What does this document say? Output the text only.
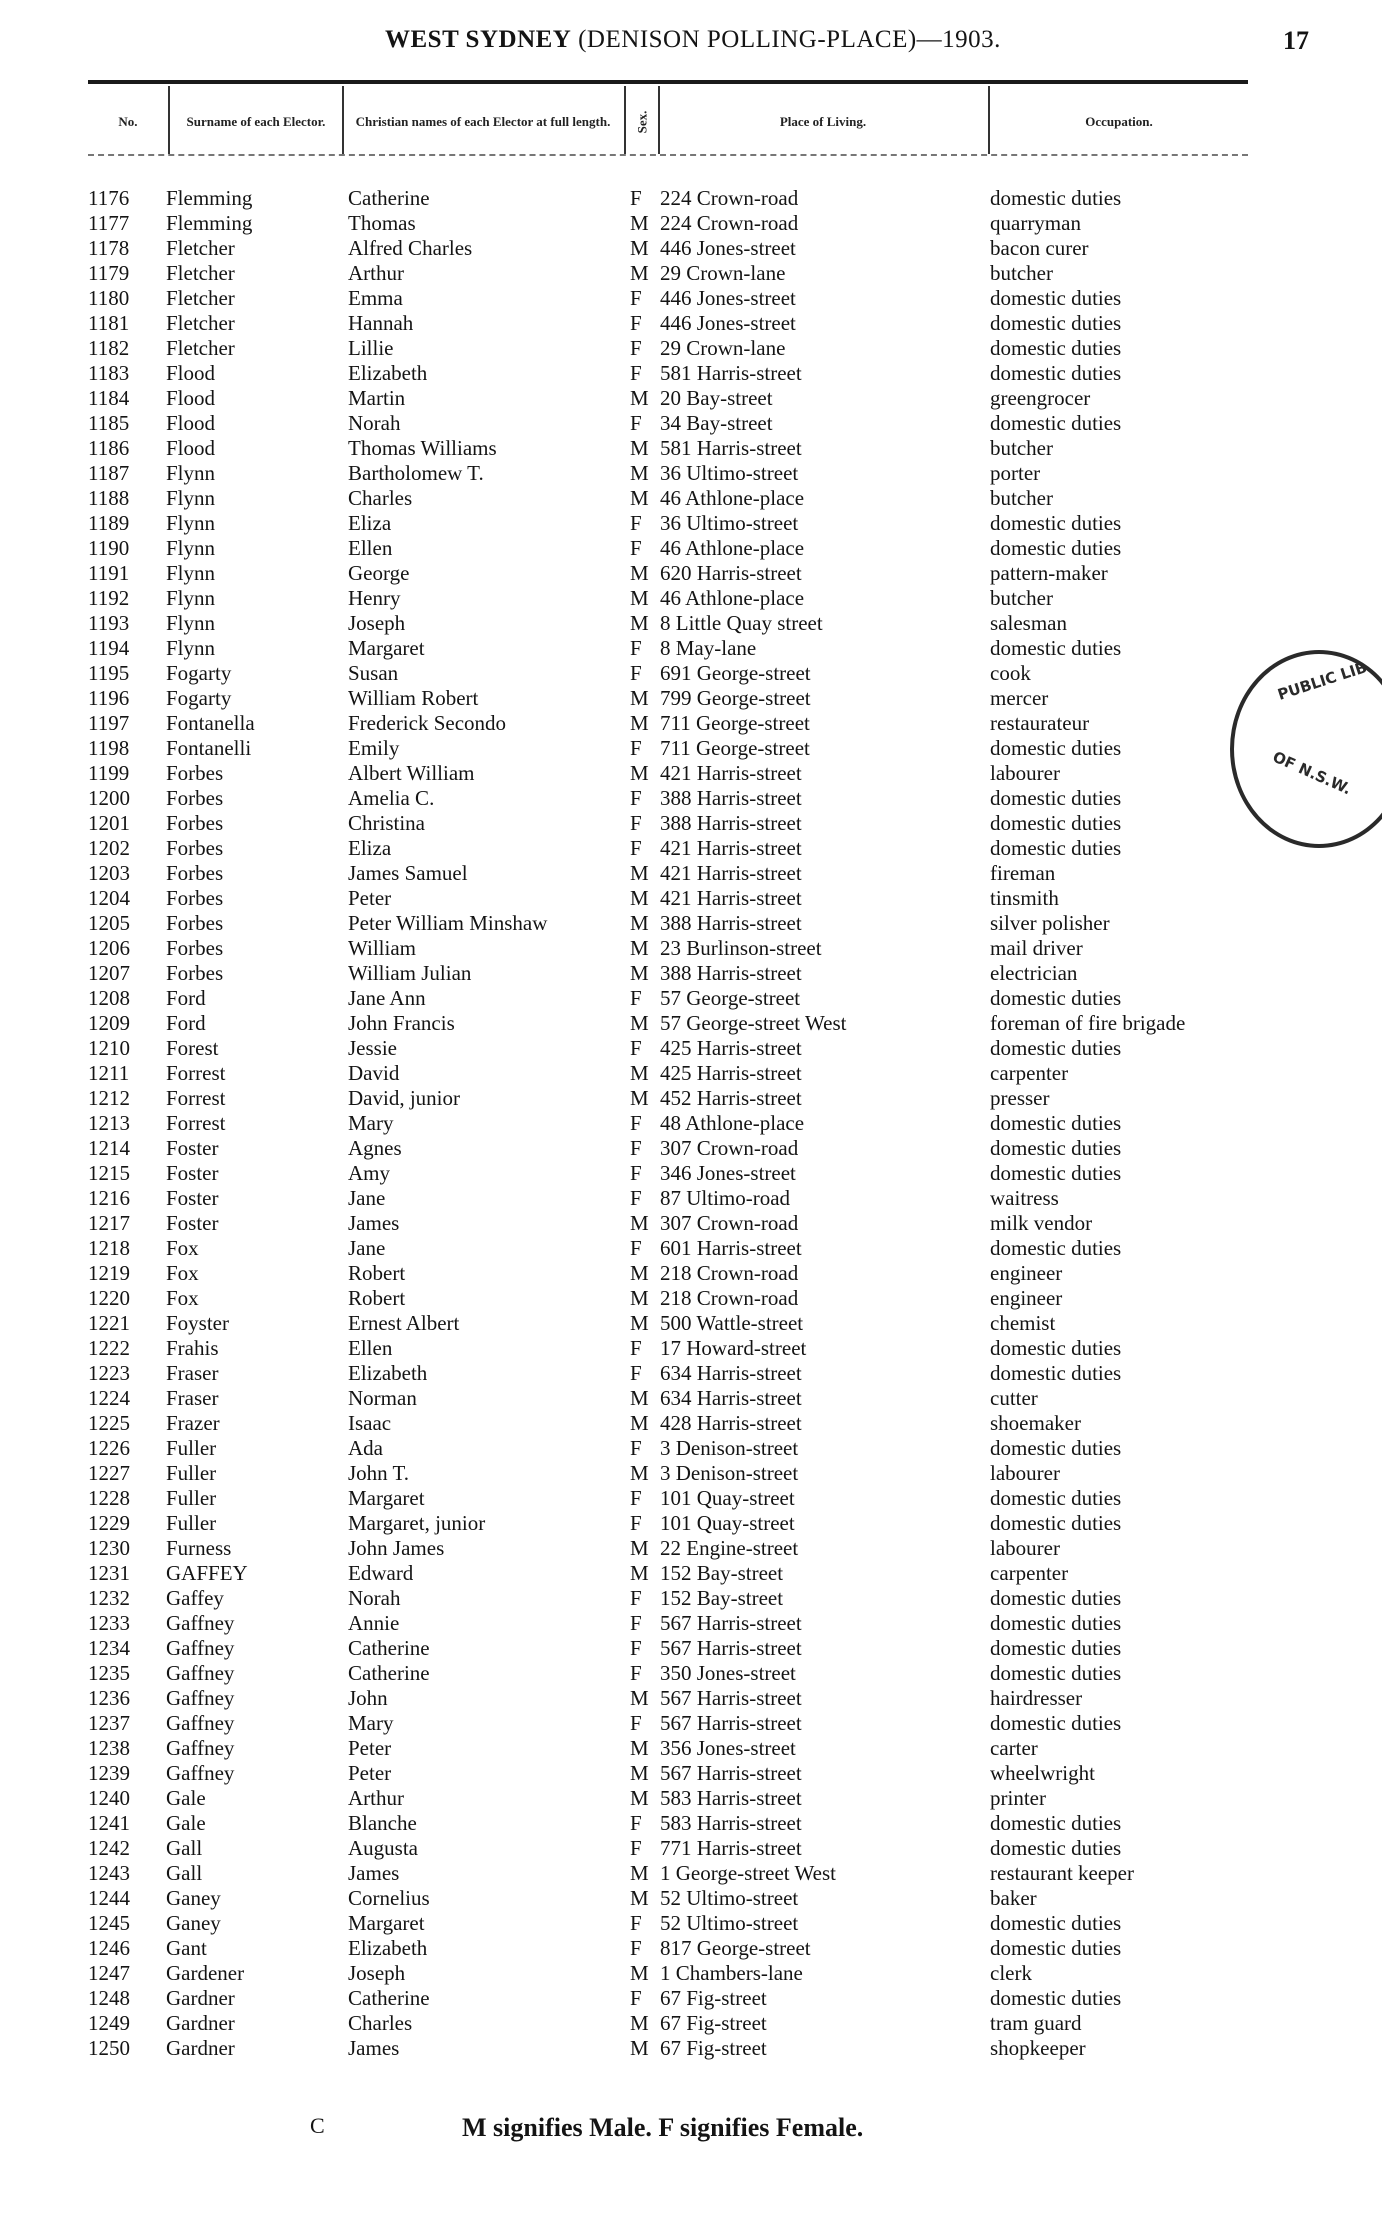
WEST SYDNEY (DENISON POLLING-PLACE)—1903.	17
No.	Surname of each Elector.	Christian names of each Elector at full length.	Sex.	Place of Living.	Occupation.
1176 Flemming	Catherine	F 224 Crown-road	domestic duties
1177 Flemming	Thomas	M 224 Crown-road	quarryman
1178 Fletcher	Alfred Charles	M 446 Jones-street	bacon curer
1179 Fletcher	Arthur	M 29 Crown-lane	butcher
1180 Fletcher	Emma	F 446 Jones-street	domestic duties
1181 Fletcher	Hannah	F 446 Jones-street	domestic duties
1182 Fletcher	Lillie	F 29 Crown-lane	domestic duties
1183 Flood	Elizabeth	F 581 Harris-street	domestic duties
1184 Flood	Martin	M 20 Bay-street	greengrocer
1185 Flood	Norah	F 34 Bay-street	domestic duties
1186 Flood	Thomas Williams	M 581 Harris-street	butcher
1187 Flynn	Bartholomew T.	M 36 Ultimo-street	porter
1188 Flynn	Charles	M 46 Athlone-place	butcher
1189 Flynn	Eliza	F 36 Ultimo-street	domestic duties
1190 Flynn	Ellen	F 46 Athlone-place	domestic duties
1191 Flynn	George	M 620 Harris-street	pattern-maker
1192 Flynn	Henry	M 46 Athlone-place	butcher
1193 Flynn	Joseph	M 8 Little Quay street	salesman
1194 Flynn	Margaret	F 8 May-lane	domestic duties
1195 Fogarty	Susan	F 691 George-street	cook
1196 Fogarty	William Robert	M 799 George-street	mercer
1197 Fontanella	Frederick Secondo	M 711 George-street	restaurateur
1198 Fontanelli	Emily	F 711 George-street	domestic duties
1199 Forbes	Albert William	M 421 Harris-street	labourer
1200 Forbes	Amelia C.	F 388 Harris-street	domestic duties
1201 Forbes	Christina	F 388 Harris-street	domestic duties
1202 Forbes	Eliza	F 421 Harris-street	domestic duties
1203 Forbes	James Samuel	M 421 Harris-street	fireman
1204 Forbes	Peter	M 421 Harris-street	tinsmith
1205 Forbes	Peter William Minshaw	M 388 Harris-street	silver polisher
1206 Forbes	William	M 23 Burlinson-street	mail driver
1207 Forbes	William Julian	M 388 Harris-street	electrician
1208 Ford	Jane Ann	F 57 George-street	domestic duties
1209 Ford	John Francis	M 57 George-street West	foreman of fire brigade
1210 Forest	Jessie	F 425 Harris-street	domestic duties
1211 Forrest	David	M 425 Harris-street	carpenter
1212 Forrest	David, junior	M 452 Harris-street	presser
1213 Forrest	Mary	F 48 Athlone-place	domestic duties
1214 Foster	Agnes	F 307 Crown-road	domestic duties
1215 Foster	Amy	F 346 Jones-street	domestic duties
1216 Foster	Jane	F 87 Ultimo-road	waitress
1217 Foster	James	M 307 Crown-road	milk vendor
1218 Fox	Jane	F 601 Harris-street	domestic duties
1219 Fox	Robert	M 218 Crown-road	engineer
1220 Fox	Robert	M 218 Crown-road	engineer
1221 Foyster	Ernest Albert	M 500 Wattle-street	chemist
1222 Frahis	Ellen	F 17 Howard-street	domestic duties
1223 Fraser	Elizabeth	F 634 Harris-street	domestic duties
1224 Fraser	Norman	M 634 Harris-street	cutter
1225 Frazer	Isaac	M 428 Harris-street	shoemaker
1226 Fuller	Ada	F 3 Denison-street	domestic duties
1227 Fuller	John T.	M 3 Denison-street	labourer
1228 Fuller	Margaret	F 101 Quay-street	domestic duties
1229 Fuller	Margaret, junior	F 101 Quay-street	domestic duties
1230 Furness	John James	M 22 Engine-street	labourer
1231 GAFFEY	Edward	M 152 Bay-street	carpenter
1232 Gaffey	Norah	F 152 Bay-street	domestic duties
1233 Gaffney	Annie	F 567 Harris-street	domestic duties
1234 Gaffney	Catherine	F 567 Harris-street	domestic duties
1235 Gaffney	Catherine	F 350 Jones-street	domestic duties
1236 Gaffney	John	M 567 Harris-street	hairdresser
1237 Gaffney	Mary	F 567 Harris-street	domestic duties
1238 Gaffney	Peter	M 356 Jones-street	carter
1239 Gaffney	Peter	M 567 Harris-street	wheelwright
1240 Gale	Arthur	M 583 Harris-street	printer
1241 Gale	Blanche	F 583 Harris-street	domestic duties
1242 Gall	Augusta	F 771 Harris-street	domestic duties
1243 Gall	James	M 1 George-street West	restaurant keeper
1244 Ganey	Cornelius	M 52 Ultimo-street	baker
1245 Ganey	Margaret	F 52 Ultimo-street	domestic duties
1246 Gant	Elizabeth	F 817 George-street	domestic duties
1247 Gardener	Joseph	M 1 Chambers-lane	clerk
1248 Gardner	Catherine	F 67 Fig-street	domestic duties
1249 Gardner	Charles	M 67 Fig-street	tram guard
1250 Gardner	James	M 67 Fig-street	shopkeeper
PUBLIC LIB
OF N.S.W.
C	M signifies Male. F signifies Female.
